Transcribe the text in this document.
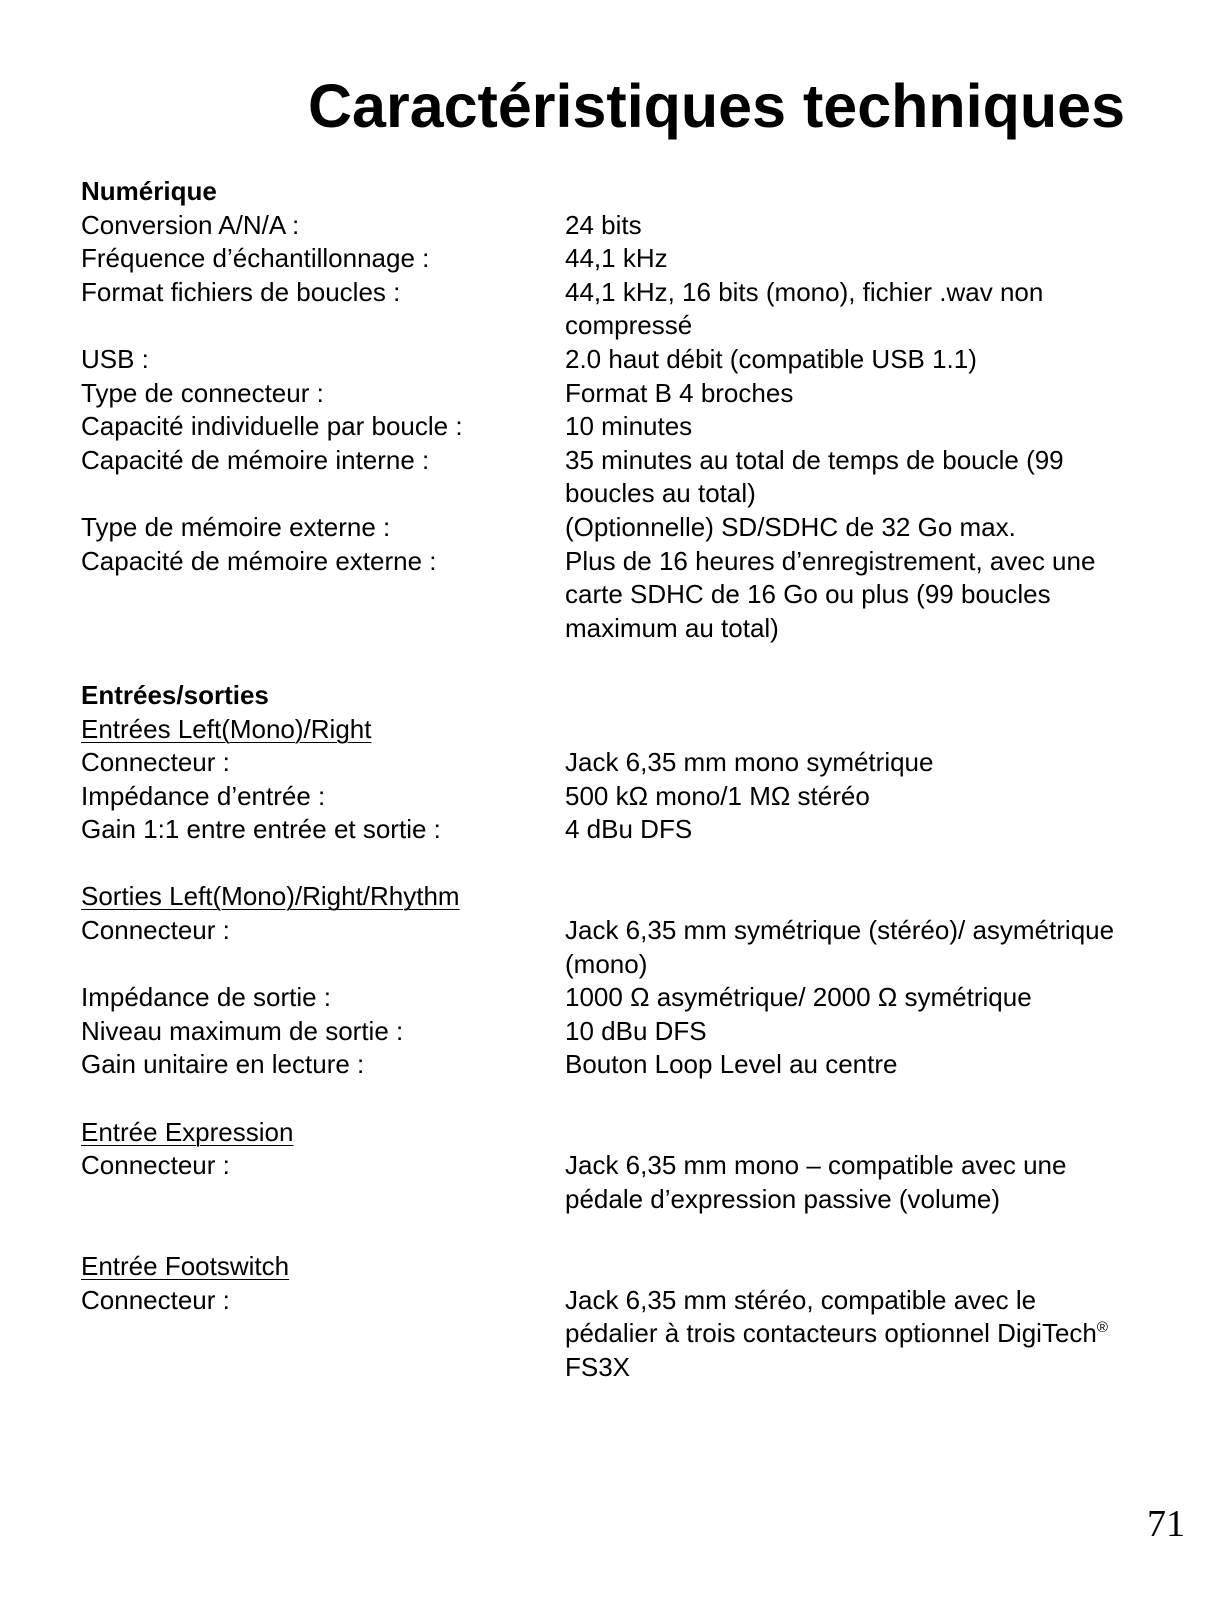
Caractéristiques techniques
Numérique
Conversion A/N/A :	24 bits
Fréquence d’échantillonnage :	44,1 kHz
Format fichiers de boucles :	44,1 kHz, 16 bits (mono), fichier .wav non compressé
USB :	2.0 haut débit (compatible USB 1.1)
Type de connecteur :	Format B 4 broches
Capacité individuelle par boucle :	10 minutes
Capacité de mémoire interne :	35 minutes au total de temps de boucle (99 boucles au total)
Type de mémoire externe :	(Optionnelle) SD/SDHC de 32 Go max.
Capacité de mémoire externe :	Plus de 16 heures d’enregistrement, avec une carte SDHC de 16 Go ou plus (99 boucles maximum au total)
Entrées/sorties
Entrées Left(Mono)/Right
Connecteur :	Jack 6,35 mm mono symétrique
Impédance d’entrée :	500 kΩ mono/1 MΩ stéréo
Gain 1:1 entre entrée et sortie :	4 dBu DFS
Sorties Left(Mono)/Right/Rhythm
Connecteur :	Jack 6,35 mm symétrique (stéréo)/ asymétrique (mono)
Impédance de sortie :	1000 Ω asymétrique/ 2000 Ω symétrique
Niveau maximum de sortie :	10 dBu DFS
Gain unitaire en lecture :	Bouton Loop Level au centre
Entrée Expression
Connecteur :	Jack 6,35 mm mono – compatible avec une pédale d’expression passive (volume)
Entrée Footswitch
Connecteur :	Jack 6,35 mm stéréo, compatible avec le pédalier à trois contacteurs optionnel DigiTech® FS3X
71
